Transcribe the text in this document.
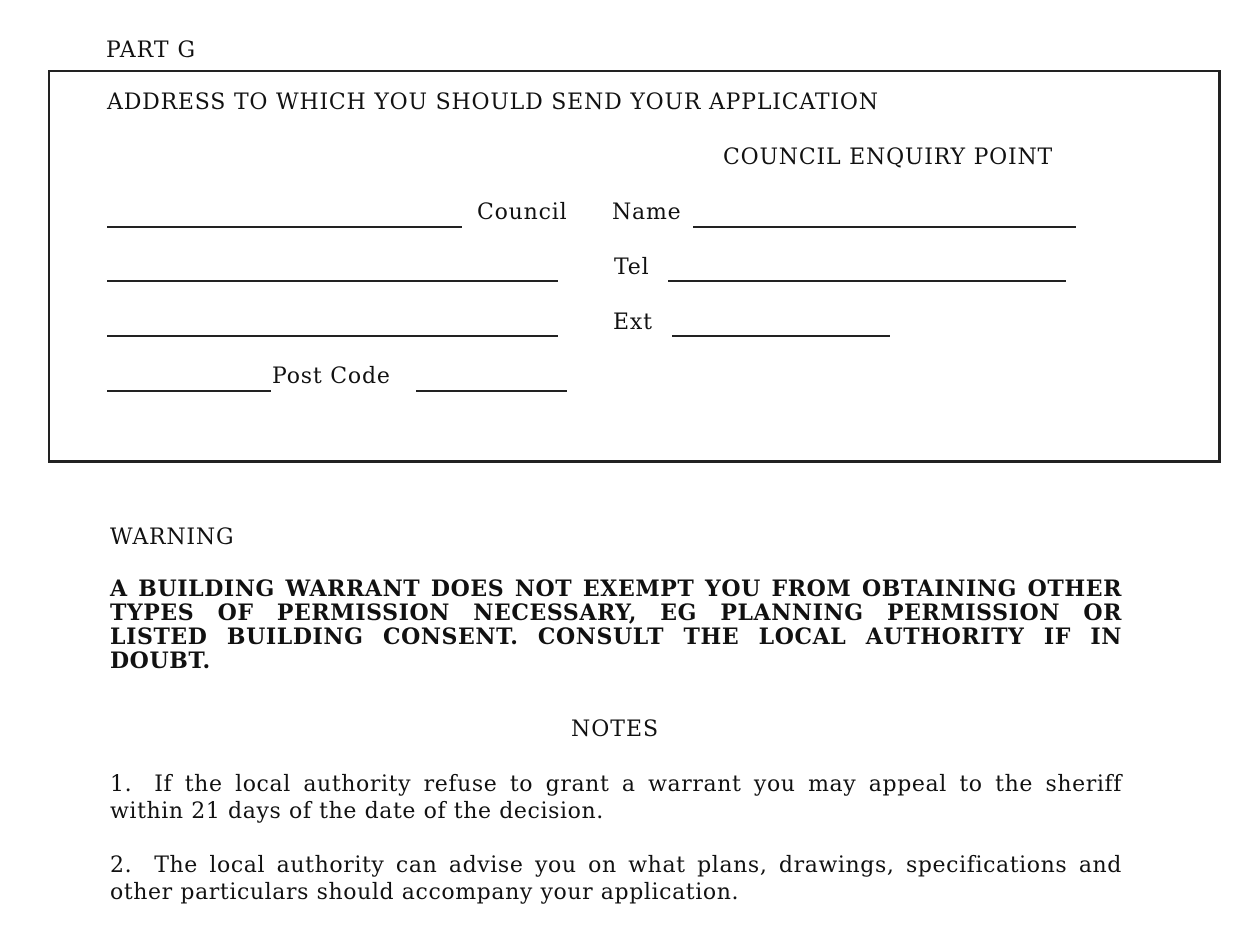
PART G
ADDRESS TO WHICH YOU SHOULD SEND YOUR APPLICATION
COUNCIL ENQUIRY POINT
Council Name
Tel
Ext
Post Code
WARNING
A BUILDING WARRANT DOES NOT EXEMPT YOU FROM OBTAINING OTHER TYPES OF PERMISSION NECESSARY, EG PLANNING PERMISSION OR LISTED BUILDING CONSENT. CONSULT THE LOCAL AUTHORITY IF IN DOUBT.
NOTES
1. If the local authority refuse to grant a warrant you may appeal to the sheriff within 21 days of the date of the decision.
2. The local authority can advise you on what plans, drawings, specifications and other particulars should accompany your application.
